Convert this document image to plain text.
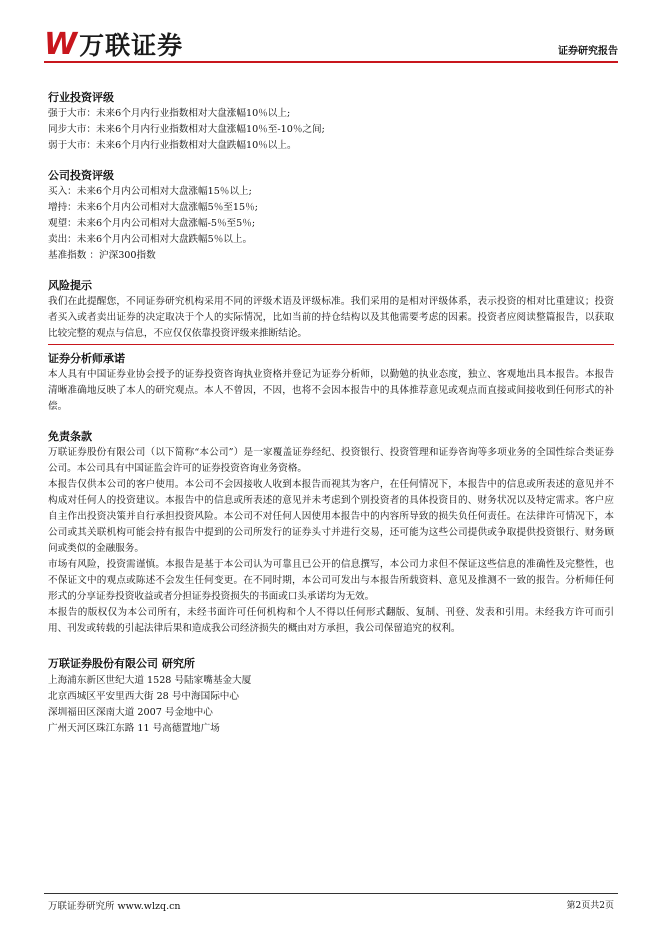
W 万联证券	证券研究报告
行业投资评级
强于大市：未来6个月内行业指数相对大盘涨幅10％以上;
同步大市：未来6个月内行业指数相对大盘涨幅10％至-10％之间;
弱于大市：未来6个月内行业指数相对大盘跌幅10％以上。
公司投资评级
买入：未来6个月内公司相对大盘涨幅15％以上;
增持：未来6个月内公司相对大盘涨幅5％至15％;
观望：未来6个月内公司相对大盘涨幅-5％至5％;
卖出：未来6个月内公司相对大盘跌幅5％以上。
基准指数 ：沪深300指数
风险提示
我们在此提醒您，不同证券研究机构采用不同的评级术语及评级标准。我们采用的是相对评级体系，表示投资的相对比重建议；投资者买入或者卖出证券的决定取决于个人的实际情况，比如当前的持仓结构以及其他需要考虑的因素。投资者应阅读整篇报告，以获取比较完整的观点与信息，不应仅仅依靠投资评级来推断结论。
证券分析师承诺
本人具有中国证券业协会授予的证券投资咨询执业资格并登记为证券分析师，以勤勉的执业态度，独立、客观地出具本报告。本报告清晰准确地反映了本人的研究观点。本人不曾因，不因，也将不会因本报告中的具体推荐意见或观点而直接或间接收到任何形式的补偿。
免责条款
万联证券股份有限公司（以下简称“本公司”）是一家覆盖证券经纪、投资银行、投资管理和证券咨询等多项业务的全国性综合类证券公司。本公司具有中国证监会许可的证券投资咨询业务资格。
本报告仅供本公司的客户使用。本公司不会因接收人收到本报告而视其为客户，在任何情况下，本报告中的信息或所表述的意见并不构成对任何人的投资建议。本报告中的信息或所表述的意见并未考虑到个别投资者的具体投资目的、财务状况以及特定需求。客户应自主作出投资决策并自行承担投资风险。本公司不对任何人因使用本报告中的内容所导致的损失负任何责任。在法律许可情况下，本公司或其关联机构可能会持有报告中提到的公司所发行的证券头寸并进行交易，还可能为这些公司提供或争取提供投资银行、财务顾问或类似的金融服务。
市场有风险，投资需谨慎。本报告是基于本公司认为可靠且已公开的信息撰写，本公司力求但不保证这些信息的准确性及完整性，也不保证文中的观点或陈述不会发生任何变更。在不同时期，本公司可发出与本报告所载资料、意见及推测不一致的报告。分析师任何形式的分享证券投资收益或者分担证券投资损失的书面或口头承诺均为无效。
本报告的版权仅为本公司所有，未经书面许可任何机构和个人不得以任何形式翻版、复制、刊登、发表和引用。未经我方许可而引用、刊发或转载的引起法律后果和造成我公司经济损失的概由对方承担，我公司保留追究的权利。
万联证券股份有限公司 研究所
上海浦东新区世纪大道 1528 号陆家嘴基金大厦
北京西城区平安里西大街 28 号中海国际中心
深圳福田区深南大道 2007 号金地中心
广州天河区珠江东路 11 号高德置地广场
万联证券研究所 www.wlzq.cn	第2页共2页
